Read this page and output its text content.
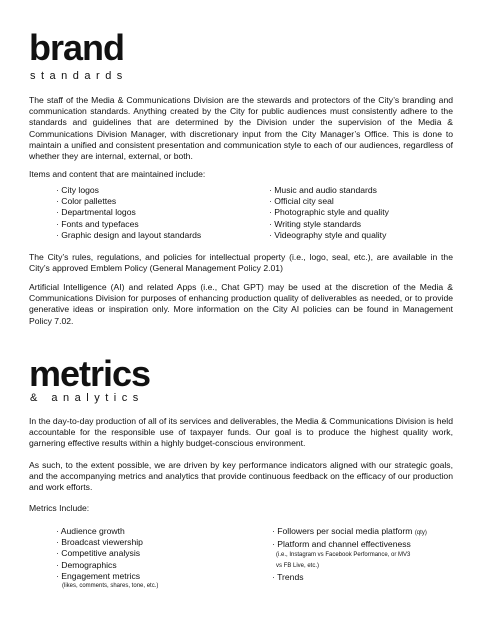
brand
standards

The staff of the Media & Communications Division are the stewards and protectors of the City’s branding and communication standards. Anything created by the City for public audiences must consistently adhere to the standards and guidelines that are determined by the Division under the supervision of the Media & Communications Division Manager, with discretionary input from the City Manager’s Office. This is done to maintain a unified and consistent presentation and communication style to each of our audiences, regardless of whether they are internal, external, or both.

Items and content that are maintained include:

· City logos
· Color pallettes
· Departmental logos
· Fonts and typefaces
· Graphic design and layout standards
· Music and audio standards
· Official city seal
· Photographic style and quality
· Writing style standards
· Videography style and quality

The City’s rules, regulations, and policies for intellectual property (i.e., logo, seal, etc.), are available in the City’s approved Emblem Policy (General Management Policy 2.01)

Artificial Intelligence (AI) and related Apps (i.e., Chat GPT) may be used at the discretion of the Media & Communications Division for purposes of enhancing production quality of deliverables as needed, or to provide generative ideas or inspiration only. More information on the City AI policies can be found in Management Policy 7.02.

metrics
& analytics

In the day-to-day production of all of its services and deliverables, the Media & Communications Division is held accountable for the responsible use of taxpayer funds. Our goal is to produce the highest quality work, garnering effective results within a highly budget-conscious environment.

As such, to the extent possible, we are driven by key performance indicators aligned with our strategic goals, and the accompanying metrics and analytics that provide continuous feedback on the efficacy of our production and work efforts.

Metrics Include:

· Audience growth
· Broadcast viewership
· Competitive analysis
· Demographics
· Engagement metrics
(likes, comments, shares, tone, etc.)
· Followers per social media platform (qty)
· Platform and channel effectiveness
(i.e., Instagram vs Facebook Performance, or MV3
vs FB Live, etc.)
· Trends
